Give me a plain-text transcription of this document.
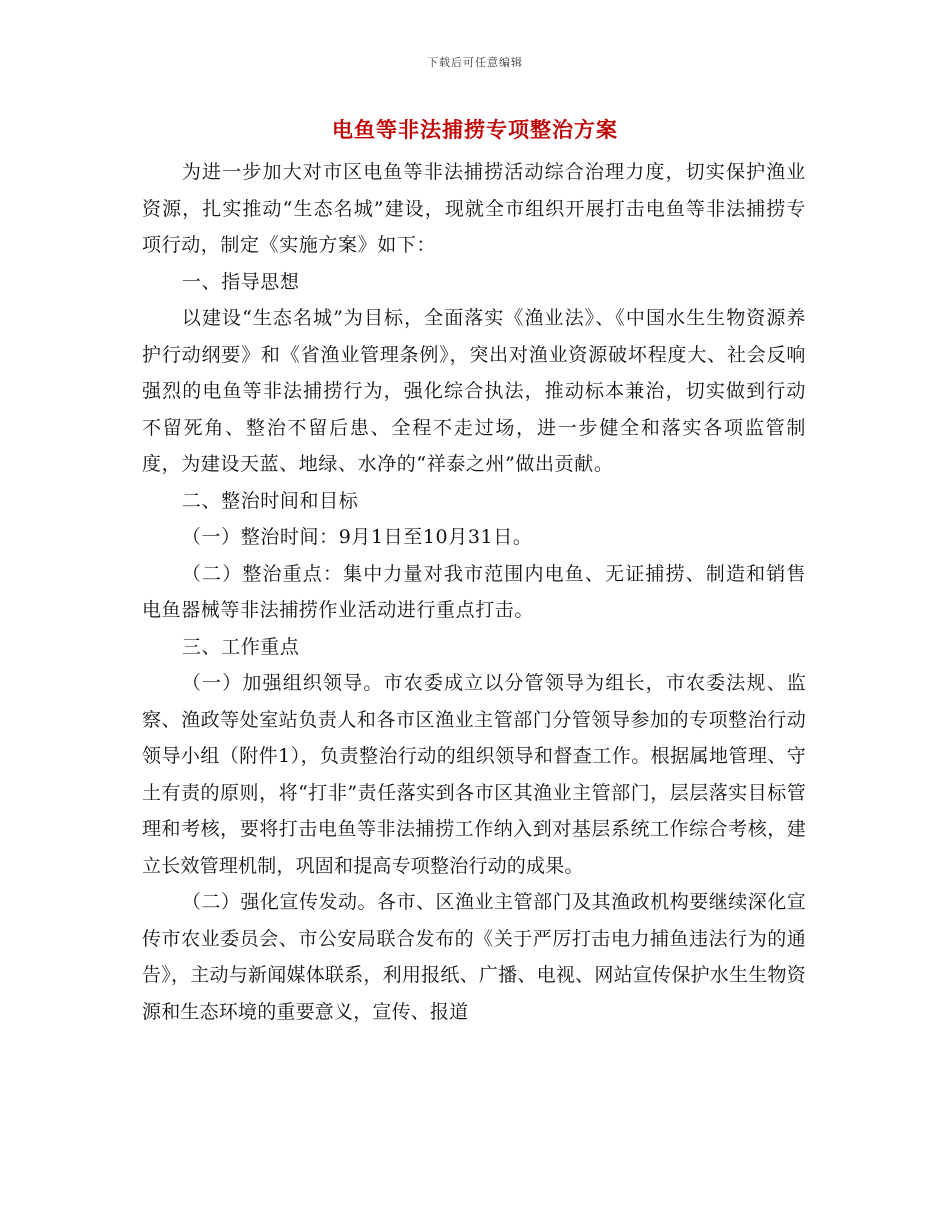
下载后可任意编辑
电鱼等非法捕捞专项整治方案

为进一步加大对市区电鱼等非法捕捞活动综合治理力度，切实保护渔业资源，扎实推动“生态名城”建设，现就全市组织开展打击电鱼等非法捕捞专项行动，制定《实施方案》如下：

一、指导思想

以建设“生态名城”为目标，全面落实《渔业法》、《中国水生生物资源养护行动纲要》和《省渔业管理条例》，突出对渔业资源破坏程度大、社会反响强烈的电鱼等非法捕捞行为，强化综合执法，推动标本兼治，切实做到行动不留死角、整治不留后患、全程不走过场，进一步健全和落实各项监管制度，为建设天蓝、地绿、水净的“祥泰之州”做出贡献。

二、整治时间和目标

（一）整治时间：9月1日至10月31日。

（二）整治重点：集中力量对我市范围内电鱼、无证捕捞、制造和销售电鱼器械等非法捕捞作业活动进行重点打击。

三、工作重点

（一）加强组织领导。市农委成立以分管领导为组长，市农委法规、监察、渔政等处室站负责人和各市区渔业主管部门分管领导参加的专项整治行动领导小组（附件1），负责整治行动的组织领导和督查工作。根据属地管理、守土有责的原则，将“打非”责任落实到各市区其渔业主管部门，层层落实目标管理和考核，要将打击电鱼等非法捕捞工作纳入到对基层系统工作综合考核，建立长效管理机制，巩固和提高专项整治行动的成果。

（二）强化宣传发动。各市、区渔业主管部门及其渔政机构要继续深化宣传市农业委员会、市公安局联合发布的《关于严厉打击电力捕鱼违法行为的通告》，主动与新闻媒体联系，利用报纸、广播、电视、网站宣传保护水生生物资源和生态环境的重要意义，宣传、报道
